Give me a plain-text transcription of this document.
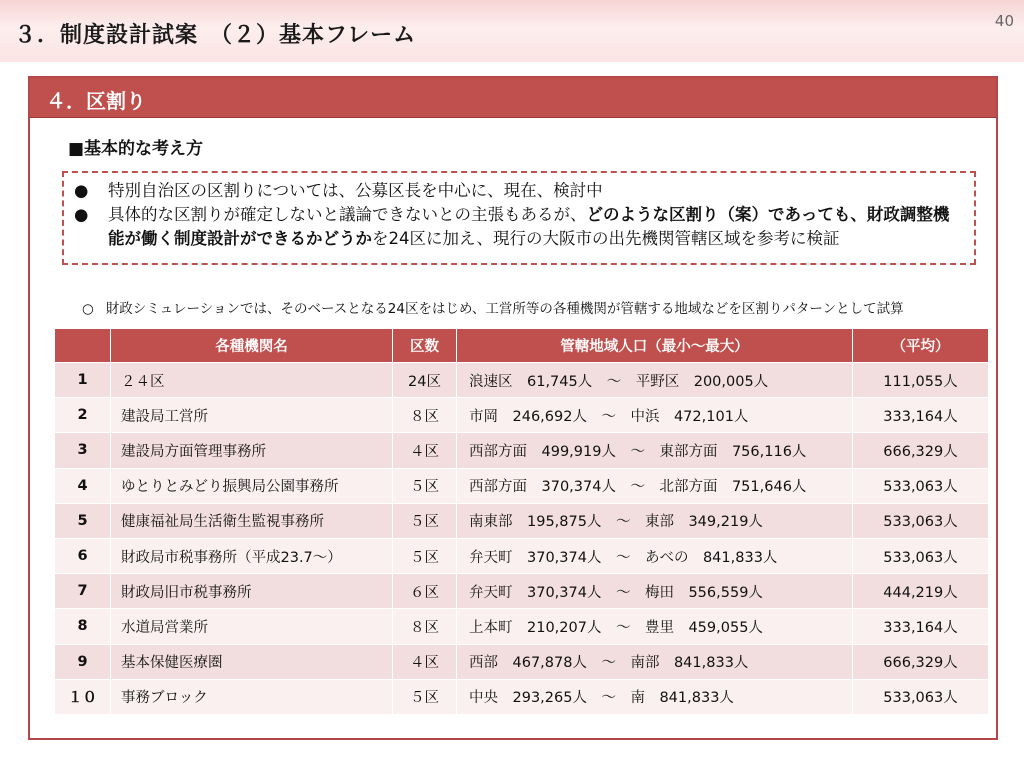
３．制度設計試案　（２）基本フレーム
40
４．区割り
■基本的な考え方
●	特別自治区の区割りについては、公募区長を中心に、現在、検討中
●	具体的な区割りが確定しないと議論できないとの主張もあるが、どのような区割り（案）であっても、財政調整機能が働く制度設計ができるかどうかを24区に加え、現行の大阪市の出先機関管轄区域を参考に検証
○ 財政シミュレーションでは、そのベースとなる24区をはじめ、工営所等の各種機関が管轄する地域などを区割りパターンとして試算
	各種機関名	区数	管轄地域人口（最小～最大）	（平均）
1	２４区	24区	浪速区　61,745人　～　平野区　200,005人	111,055人
2	建設局工営所	８区	市岡　246,692人　～　中浜　472,101人	333,164人
3	建設局方面管理事務所	４区	西部方面　499,919人　～　東部方面　756,116人	666,329人
4	ゆとりとみどり振興局公園事務所	５区	西部方面　370,374人　～　北部方面　751,646人	533,063人
5	健康福祉局生活衛生監視事務所	５区	南東部　195,875人　～　東部　349,219人	533,063人
6	財政局市税事務所（平成23.7～）	５区	弁天町　370,374人　～　あべの　841,833人	533,063人
7	財政局旧市税事務所	６区	弁天町　370,374人　～　梅田　556,559人	444,219人
8	水道局営業所	８区	上本町　210,207人　～　豊里　459,055人	333,164人
9	基本保健医療圏	４区	西部　467,878人　～　南部　841,833人	666,329人
１０	事務ブロック	５区	中央　293,265人　～　南　841,833人	533,063人
